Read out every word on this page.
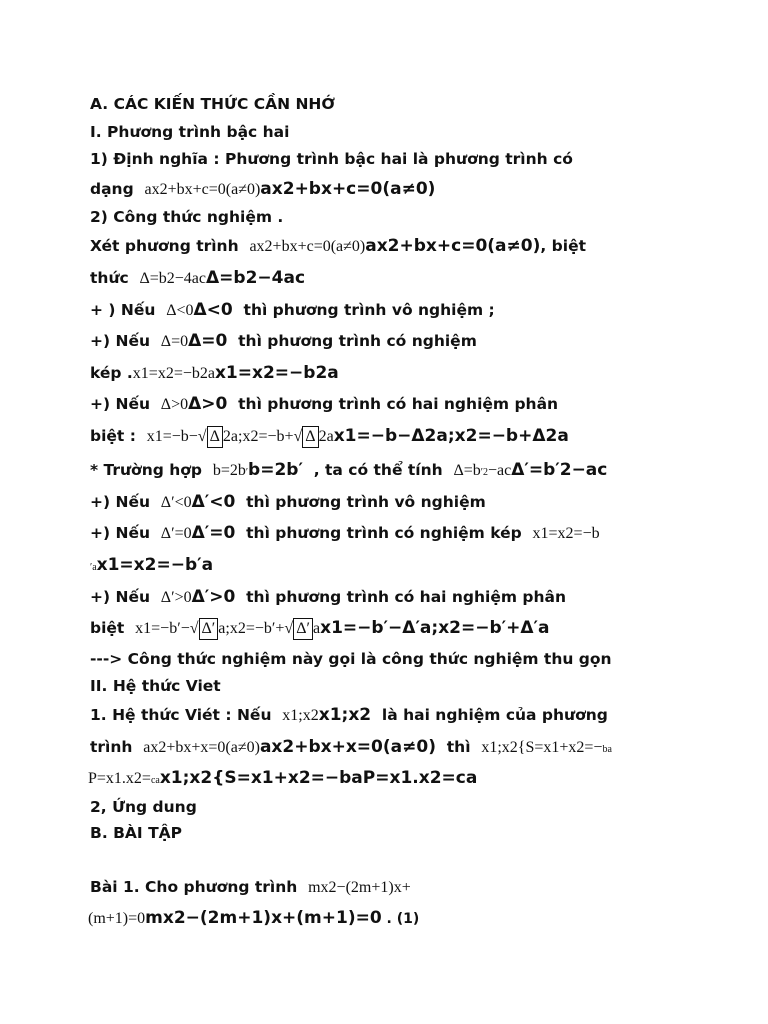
A. CÁC KIẾN THỨC CẦN NHỚ
I. Phương trình bậc hai
1) Định nghĩa : Phương trình bậc hai là phương trình có
dạng ax2+bx+c=0(a≠0)ax2+bx+c=0(a≠0)
2) Công thức nghiệm .
Xét phương trình ax2+bx+c=0(a≠0)ax2+bx+c=0(a≠0), biệt
thức Δ=b2−4acΔ=b2−4ac
+ ) Nếu Δ<0Δ<0 thì phương trình vô nghiệm ;
+) Nếu Δ=0Δ=0 thì phương trình có nghiệm
kép .x1=x2=−b2ax1=x2=−b2a
+) Nếu Δ>0Δ>0 thì phương trình có hai nghiệm phân
biệt : x1=−b−√ Δ 2a;x2=−b+√ Δ 2ax1=−b−Δ2a;x2=−b+Δ2a
* Trường hợp b=2b′b=2b′ , ta có thể tính Δ=b′2−acΔ′=b′2−ac
+) Nếu Δ′<0Δ′<0 thì phương trình vô nghiệm
+) Nếu Δ′=0Δ′=0 thì phương trình có nghiệm kép x1=x2=−b
′ax1=x2=−b′a
+) Nếu Δ′>0Δ′>0 thì phương trình có hai nghiệm phân
biệt x1=−b′−√ Δ′ a;x2=−b′+√ Δ′ ax1=−b′−Δ′a;x2=−b′+Δ′a
---> Công thức nghiệm này gọi là công thức nghiệm thu gọn
II. Hệ thức Viet
1. Hệ thức Viét : Nếu x1;x2x1;x2 là hai nghiệm của phương
trình ax2+bx+x=0(a≠0)ax2+bx+x=0(a≠0) thì x1;x2{S=x1+x2=−ba
P=x1.x2=cax1;x2{S=x1+x2=−baP=x1.x2=ca
2, Ứng dung
B. BÀI TẬP
Bài 1. Cho phương trình mx2−(2m+1)x+
(m+1)=0mx2−(2m+1)x+(m+1)=0 . (1)
